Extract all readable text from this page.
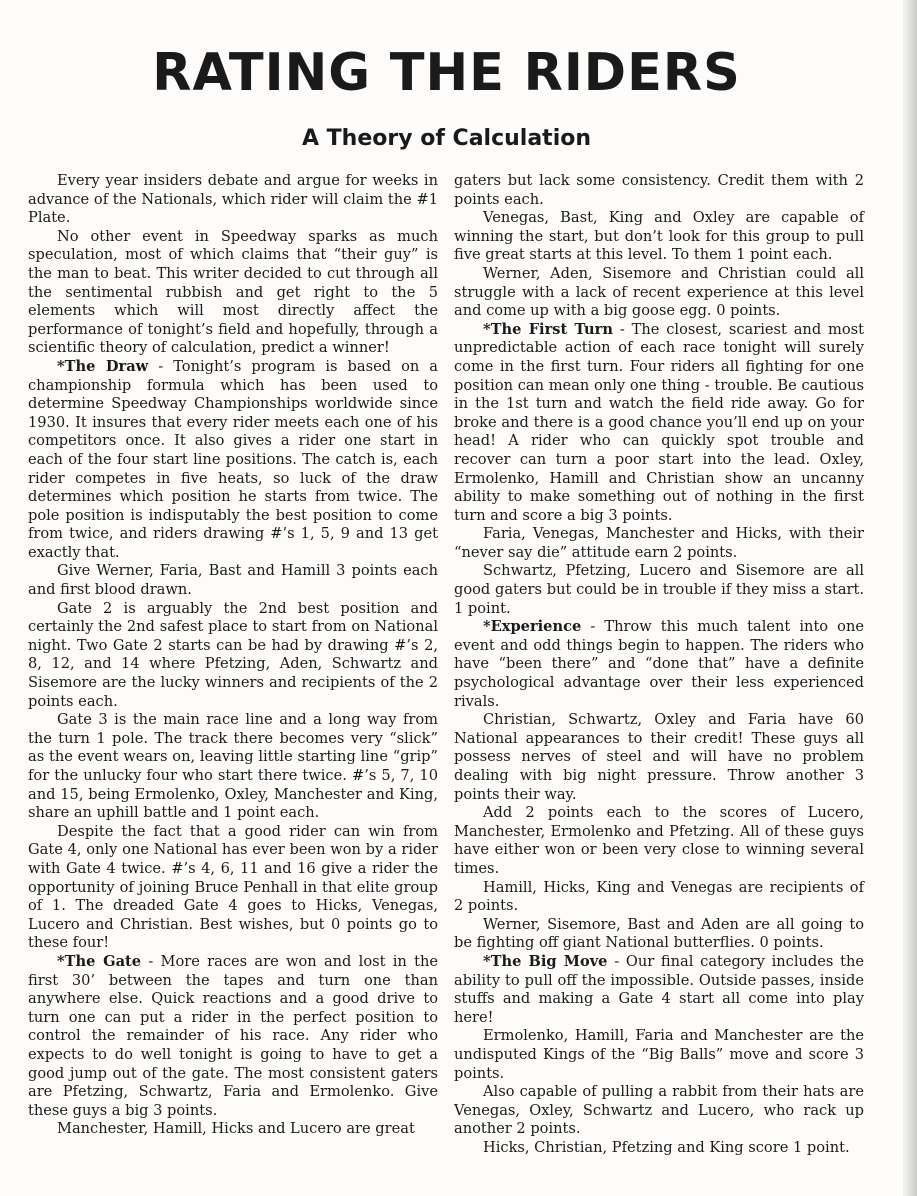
RATING THE RIDERS
A Theory of Calculation

Every year insiders debate and argue for weeks in advance of the Nationals, which rider will claim the #1 Plate.

No other event in Speedway sparks as much speculation, most of which claims that “their guy” is the man to beat. This writer decided to cut through all the sentimental rubbish and get right to the 5 elements which will most directly affect the performance of tonight’s field and hopefully, through a scientific theory of calculation, predict a winner!

*The Draw - Tonight’s program is based on a championship formula which has been used to determine Speedway Championships worldwide since 1930. It insures that every rider meets each one of his competitors once. It also gives a rider one start in each of the four start line positions. The catch is, each rider competes in five heats, so luck of the draw determines which position he starts from twice. The pole position is indisputably the best position to come from twice, and riders drawing #’s 1, 5, 9 and 13 get exactly that.

Give Werner, Faria, Bast and Hamill 3 points each and first blood drawn.

Gate 2 is arguably the 2nd best position and certainly the 2nd safest place to start from on National night. Two Gate 2 starts can be had by drawing #’s 2, 8, 12, and 14 where Pfetzing, Aden, Schwartz and Sisemore are the lucky winners and recipients of the 2 points each.

Gate 3 is the main race line and a long way from the turn 1 pole. The track there becomes very “slick” as the event wears on, leaving little starting line “grip” for the unlucky four who start there twice. #’s 5, 7, 10 and 15, being Ermolenko, Oxley, Manchester and King, share an uphill battle and 1 point each.

Despite the fact that a good rider can win from Gate 4, only one National has ever been won by a rider with Gate 4 twice. #’s 4, 6, 11 and 16 give a rider the opportunity of joining Bruce Penhall in that elite group of 1. The dreaded Gate 4 goes to Hicks, Venegas, Lucero and Christian. Best wishes, but 0 points go to these four!

*The Gate - More races are won and lost in the first 30’ between the tapes and turn one than anywhere else. Quick reactions and a good drive to turn one can put a rider in the perfect position to control the remainder of his race. Any rider who expects to do well tonight is going to have to get a good jump out of the gate. The most consistent gaters are Pfetzing, Schwartz, Faria and Ermolenko. Give these guys a big 3 points.

Manchester, Hamill, Hicks and Lucero are great

gaters but lack some consistency. Credit them with 2 points each.

Venegas, Bast, King and Oxley are capable of winning the start, but don’t look for this group to pull five great starts at this level. To them 1 point each.

Werner, Aden, Sisemore and Christian could all struggle with a lack of recent experience at this level and come up with a big goose egg. 0 points.

*The First Turn - The closest, scariest and most unpredictable action of each race tonight will surely come in the first turn. Four riders all fighting for one position can mean only one thing - trouble. Be cautious in the 1st turn and watch the field ride away. Go for broke and there is a good chance you’ll end up on your head! A rider who can quickly spot trouble and recover can turn a poor start into the lead. Oxley, Ermolenko, Hamill and Christian show an uncanny ability to make something out of nothing in the first turn and score a big 3 points.

Faria, Venegas, Manchester and Hicks, with their “never say die” attitude earn 2 points.

Schwartz, Pfetzing, Lucero and Sisemore are all good gaters but could be in trouble if they miss a start. 1 point.

*Experience - Throw this much talent into one event and odd things begin to happen. The riders who have “been there” and “done that” have a definite psychological advantage over their less experienced rivals.

Christian, Schwartz, Oxley and Faria have 60 National appearances to their credit! These guys all possess nerves of steel and will have no problem dealing with big night pressure. Throw another 3 points their way.

Add 2 points each to the scores of Lucero, Manchester, Ermolenko and Pfetzing. All of these guys have either won or been very close to winning several times.

Hamill, Hicks, King and Venegas are recipients of 2 points.

Werner, Sisemore, Bast and Aden are all going to be fighting off giant National butterflies. 0 points.

*The Big Move - Our final category includes the ability to pull off the impossible. Outside passes, inside stuffs and making a Gate 4 start all come into play here!

Ermolenko, Hamill, Faria and Manchester are the undisputed Kings of the “Big Balls” move and score 3 points.

Also capable of pulling a rabbit from their hats are Venegas, Oxley, Schwartz and Lucero, who rack up another 2 points.

Hicks, Christian, Pfetzing and King score 1 point.
